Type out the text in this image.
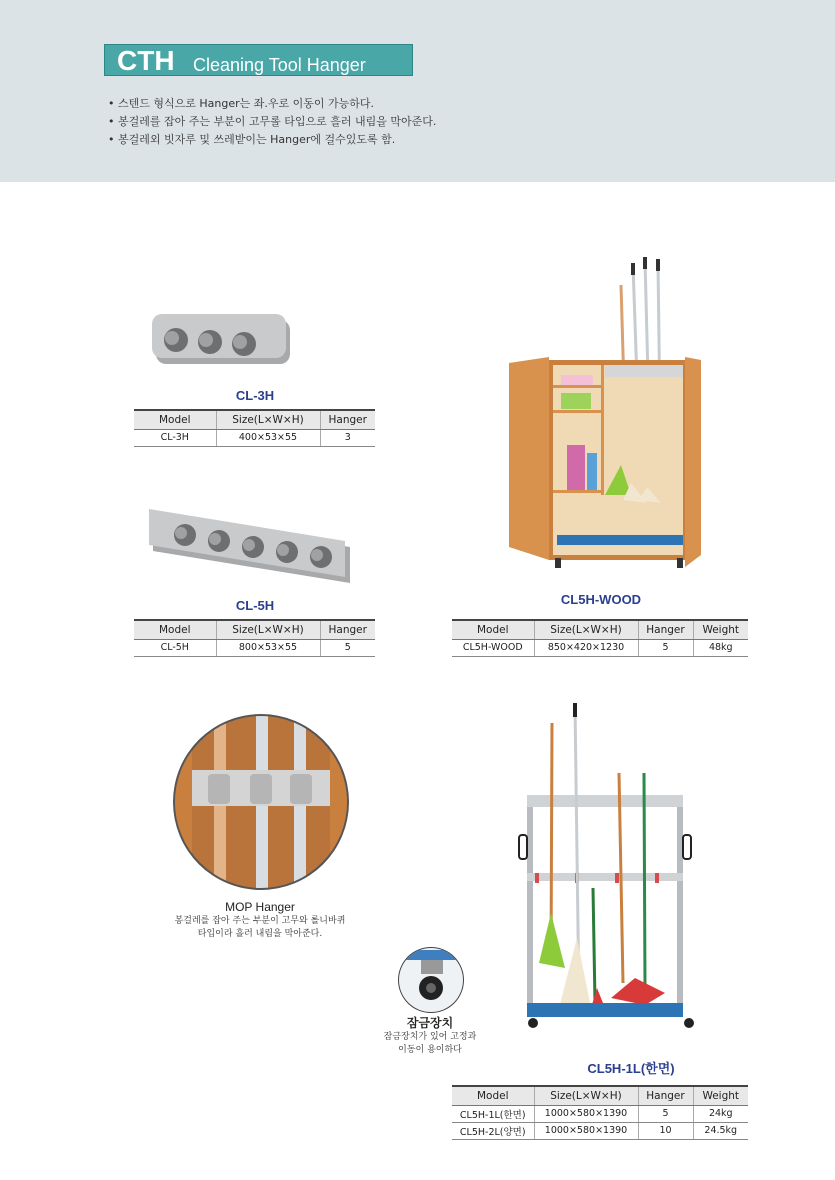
CTH Cleaning Tool Hanger
• 스텐드 형식으로 Hanger는 좌.우로 이동이 가능하다.
• 봉걸레를 잡아 주는 부분이 고무롤 타입으로 흘러 내림을 막아준다.
• 봉걸레외 빗자루 및 쓰레받이는 Hanger에 걸수있도록 함.
CL-3H
Model	Size(L×W×H)	Hanger
CL-3H	400×53×55	3
CL-5H
Model	Size(L×W×H)	Hanger
CL-5H	800×53×55	5
CL5H-WOOD
Model	Size(L×W×H)	Hanger	Weight
CL5H-WOOD	850×420×1230	5	48kg
MOP Hanger
봉걸레를 잡아 주는 부분이 고무와 롤니바퀴
타입이라 흘러 내림을 막아준다.
잠금장치
잠금장치가 있어 고정과
이동이 용이하다
CL5H-1L(한면)
Model	Size(L×W×H)	Hanger	Weight
CL5H-1L(한면)	1000×580×1390	5	24kg
CL5H-2L(양면)	1000×580×1390	10	24.5kg
